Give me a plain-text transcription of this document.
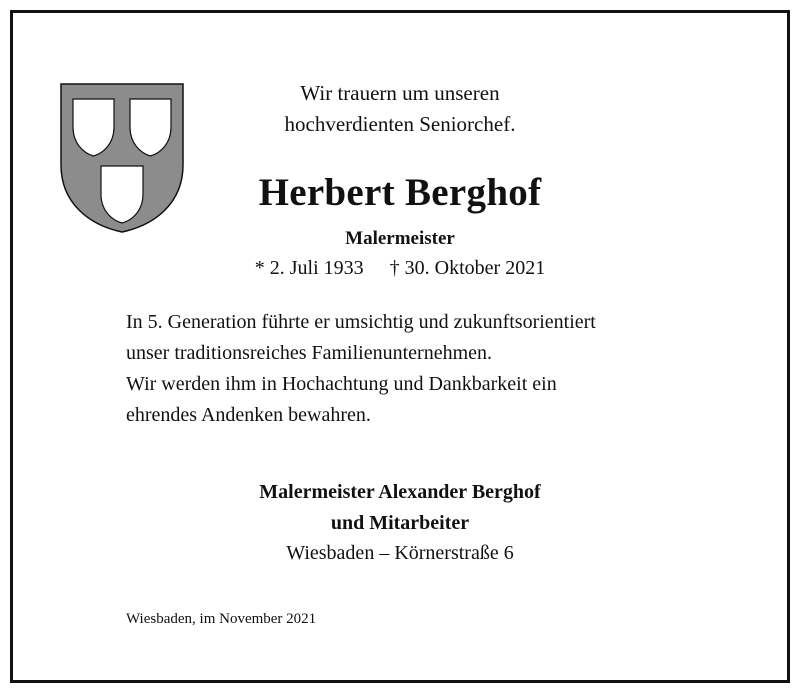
Wir trauern um unseren
hochverdienten Seniorchef.
Herbert Berghof
Malermeister
* 2. Juli 1933 † 30. Oktober 2021
In 5. Generation führte er umsichtig und zukunftsorientiert
unser traditionsreiches Familienunternehmen.
Wir werden ihm in Hochachtung und Dankbarkeit ein
ehrendes Andenken bewahren.
Malermeister Alexander Berghof
und Mitarbeiter
Wiesbaden – Körnerstraße 6
Wiesbaden, im November 2021
